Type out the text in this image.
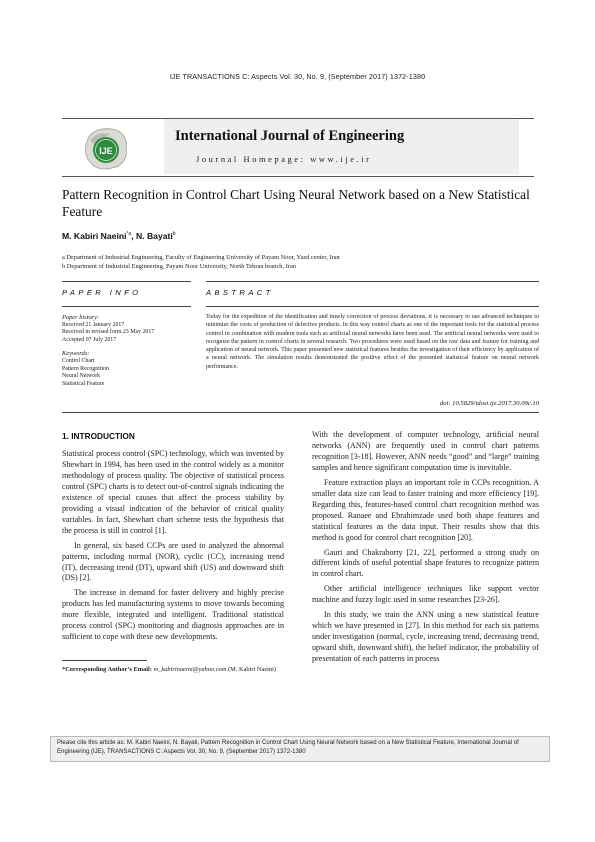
IJE TRANSACTIONS C: Aspects Vol. 30, No. 9, (September 2017) 1372-1380
IJE
International Journal of Engineering
Journal Homepage: www.ije.ir
Pattern Recognition in Control Chart Using Neural Network based on a New Statistical Feature
M. Kabiri Naeini$^{*a}$, N. Bayati$^b$
a Department of Industrial Engineering, Faculty of Engineering University of Payam Noor, Yazd center, Iran
b Department of Industrial Engineering, Payam Noor University, North Tehran branch, Iran
PAPER INFO	ABSTRACT
Paper history:
Received 21 January 2017
Received in revised form 23 May 2017
Accepted 07 July 2017
Keywords:
Control Chart
Pattern Recognition
Neural Network
Statistical Feature
Today for the expedition of the identification and timely correction of process deviations, it is necessary to use advanced techniques to minimize the costs of production of defective products. In this way control charts as one of the important tools for the statistical process control in combination with modern tools such as artificial neural networks have been used. The artificial neural networks were used to recognize the pattern in control charts in several research. Two procedures were used based on the raw data and feature for training and application of neural network. This paper presented new statistical features besides the investigation of their efficiency by application of a neural network. The simulation results demonstrated the positive effect of the presented statistical feature on neural network performance.
doi: 10.5829/idosi.ije.2017.30.09c.10
1. INTRODUCTION

Statistical process control (SPC) technology, which was invented by Shewhart in 1994, has been used in the control widely as a monitor methodology of process quality. The objective of statistical process control (SPC) charts is to detect out-of-control signals indicating the existence of special causes that affect the process stability by providing a visual indication of the behavior of critical quality variables. In fact, Shewhart chart scheme tests the hypothesis that the process is still in control [1].

In general, six based CCPs are used to analyzed the abnormal patterns, including normal (NOR), cyclic (CC), increasing trend (IT), decreasing trend (DT), upward shift (US) and downward shift (DS) [2].

The increase in demand for faster delivery and highly precise products has led manufacturing systems to move towards becoming more flexible, integrated and intelligent. Traditional statistical process control (SPC) monitoring and diagnosis approaches are in sufficient to cope with these new developments.

*Corresponding Author’s Email: m_kabirinaeini@yahoo.com (M. Kabiri Naeini)

With the development of computer technology, artificial neural networks (ANN) are frequently used in control chart patterns recognition [3-18]. However, ANN needs “good” and “large” training samples and hence significant computation time is inevitable.

Feature extraction plays an important role in CCPs recognition. A smaller data size can lead to faster training and more efficiency [19]. Regarding this, features-based control chart recognition method was proposed. Ranaee and Ebrahimzade used both shape features and statistical features as the data input. Their results show that this method is good for control chart recognition [20].

Gauri and Chakraborty [21, 22], performed a strong study on different kinds of useful potential shape features to recognize pattern in control chart.

Other artificial intelligence techniques like support vector machine and fuzzy logic used in some researches [23-26].

In this study, we train the ANN using a new statistical feature which we have presented in [27]. In this method for each six patterns under investigation (normal, cycle, increasing trend, decreasing trend, upward shift, downward shift), the belief indicator, the probability of presentation of each patterns in process

Please cite this article as: M. Kabiri Naeini, N. Bayati, Pattern Recognition in Control Chart Using Neural Network based on a New Statistical Feature, International Journal of Engineering (IJE), TRANSACTIONS C: Aspects Vol. 30, No. 9, (September 2017) 1372-1380
